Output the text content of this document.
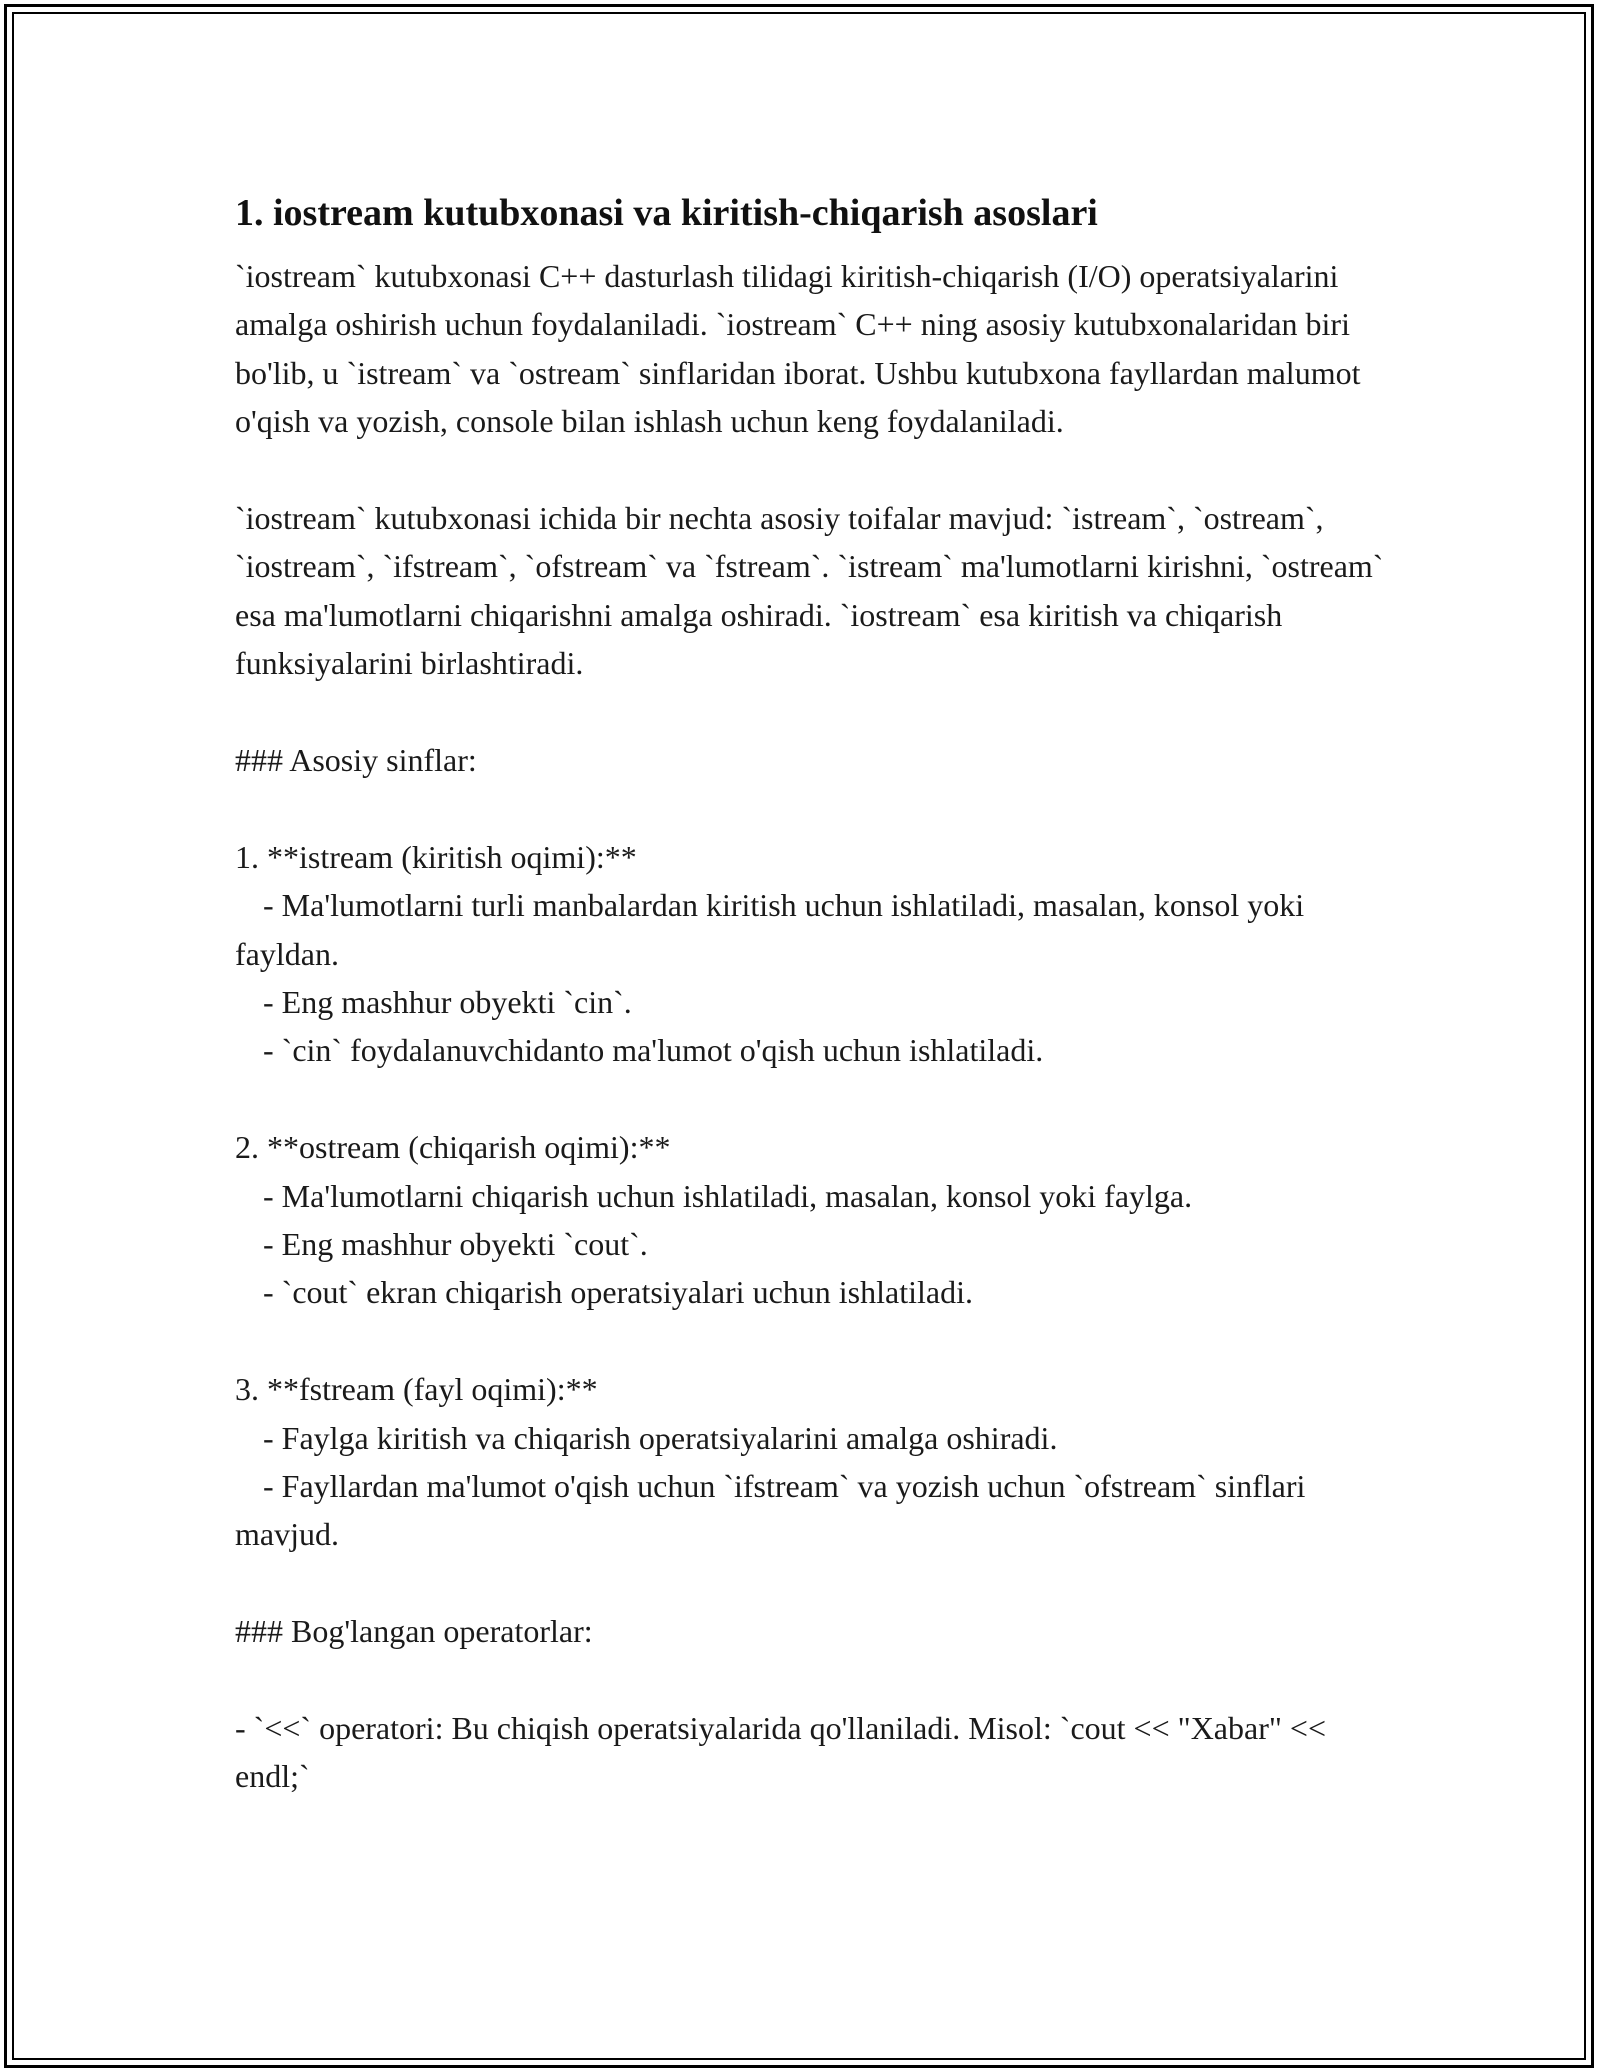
1. iostream kutubxonasi va kiritish-chiqarish asoslari

`iostream` kutubxonasi C++ dasturlash tilidagi kiritish-chiqarish (I/O) operatsiyalarini amalga oshirish uchun foydalaniladi. `iostream` C++ ning asosiy kutubxonalaridan biri bo'lib, u `istream` va `ostream` sinflaridan iborat. Ushbu kutubxona fayllardan malumot o'qish va yozish, console bilan ishlash uchun keng foydalaniladi.

`iostream` kutubxonasi ichida bir nechta asosiy toifalar mavjud: `istream`, `ostream`, `iostream`, `ifstream`, `ofstream` va `fstream`. `istream` ma'lumotlarni kirishni, `ostream` esa ma'lumotlarni chiqarishni amalga oshiradi. `iostream` esa kiritish va chiqarish funksiyalarini birlashtiradi.

### Asosiy sinflar:

1. **istream (kiritish oqimi):**

- Ma'lumotlarni turli manbalardan kiritish uchun ishlatiladi, masalan, konsol yoki fayldan.

- Eng mashhur obyekti `cin`.

- `cin` foydalanuvchidanto ma'lumot o'qish uchun ishlatiladi.

2. **ostream (chiqarish oqimi):**

- Ma'lumotlarni chiqarish uchun ishlatiladi, masalan, konsol yoki faylga.

- Eng mashhur obyekti `cout`.

- `cout` ekran chiqarish operatsiyalari uchun ishlatiladi.

3. **fstream (fayl oqimi):**

- Faylga kiritish va chiqarish operatsiyalarini amalga oshiradi.

- Fayllardan ma'lumot o'qish uchun `ifstream` va yozish uchun `ofstream` sinflari mavjud.

### Bog'langan operatorlar:

- `<<` operatori: Bu chiqish operatsiyalarida qo'llaniladi. Misol: `cout << "Xabar" << endl;`
